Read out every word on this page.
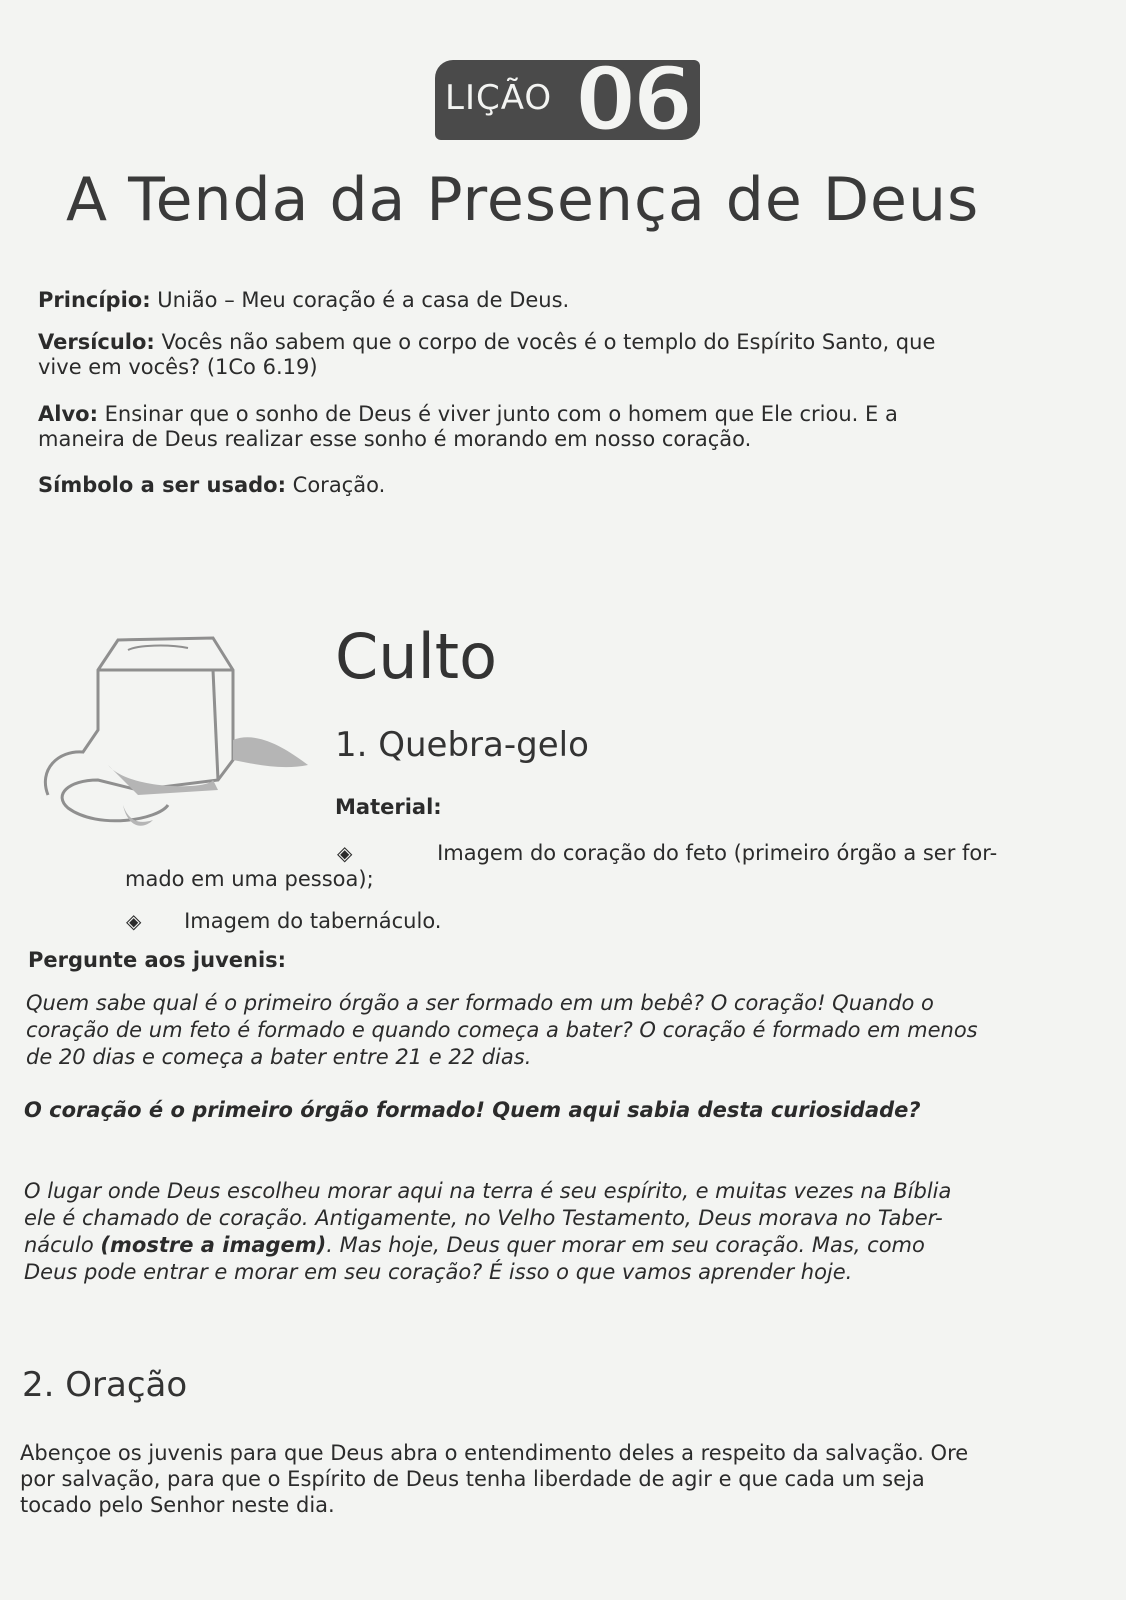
LIÇÃO 06
A Tenda da Presença de Deus
Princípio: União – Meu coração é a casa de Deus.
Versículo: Vocês não sabem que o corpo de vocês é o templo do Espírito Santo, que
vive em vocês? (1Co 6.19)
Alvo: Ensinar que o sonho de Deus é viver junto com o homem que Ele criou. E a
maneira de Deus realizar esse sonho é morando em nosso coração.
Símbolo a ser usado: Coração.
Culto
1. Quebra-gelo
Material:
◈	Imagem do coração do feto (primeiro órgão a ser for-
mado em uma pessoa);
◈ Imagem do tabernáculo.
Pergunte aos juvenis:
Quem sabe qual é o primeiro órgão a ser formado em um bebê? O coração! Quando o
coração de um feto é formado e quando começa a bater? O coração é formado em menos
de 20 dias e começa a bater entre 21 e 22 dias.
O coração é o primeiro órgão formado! Quem aqui sabia desta curiosidade?
O lugar onde Deus escolheu morar aqui na terra é seu espírito, e muitas vezes na Bíblia
ele é chamado de coração. Antigamente, no Velho Testamento, Deus morava no Taber-
náculo (mostre a imagem). Mas hoje, Deus quer morar em seu coração. Mas, como
Deus pode entrar e morar em seu coração? É isso o que vamos aprender hoje.
2. Oração
Abençoe os juvenis para que Deus abra o entendimento deles a respeito da salvação. Ore
por salvação, para que o Espírito de Deus tenha liberdade de agir e que cada um seja
tocado pelo Senhor neste dia.
